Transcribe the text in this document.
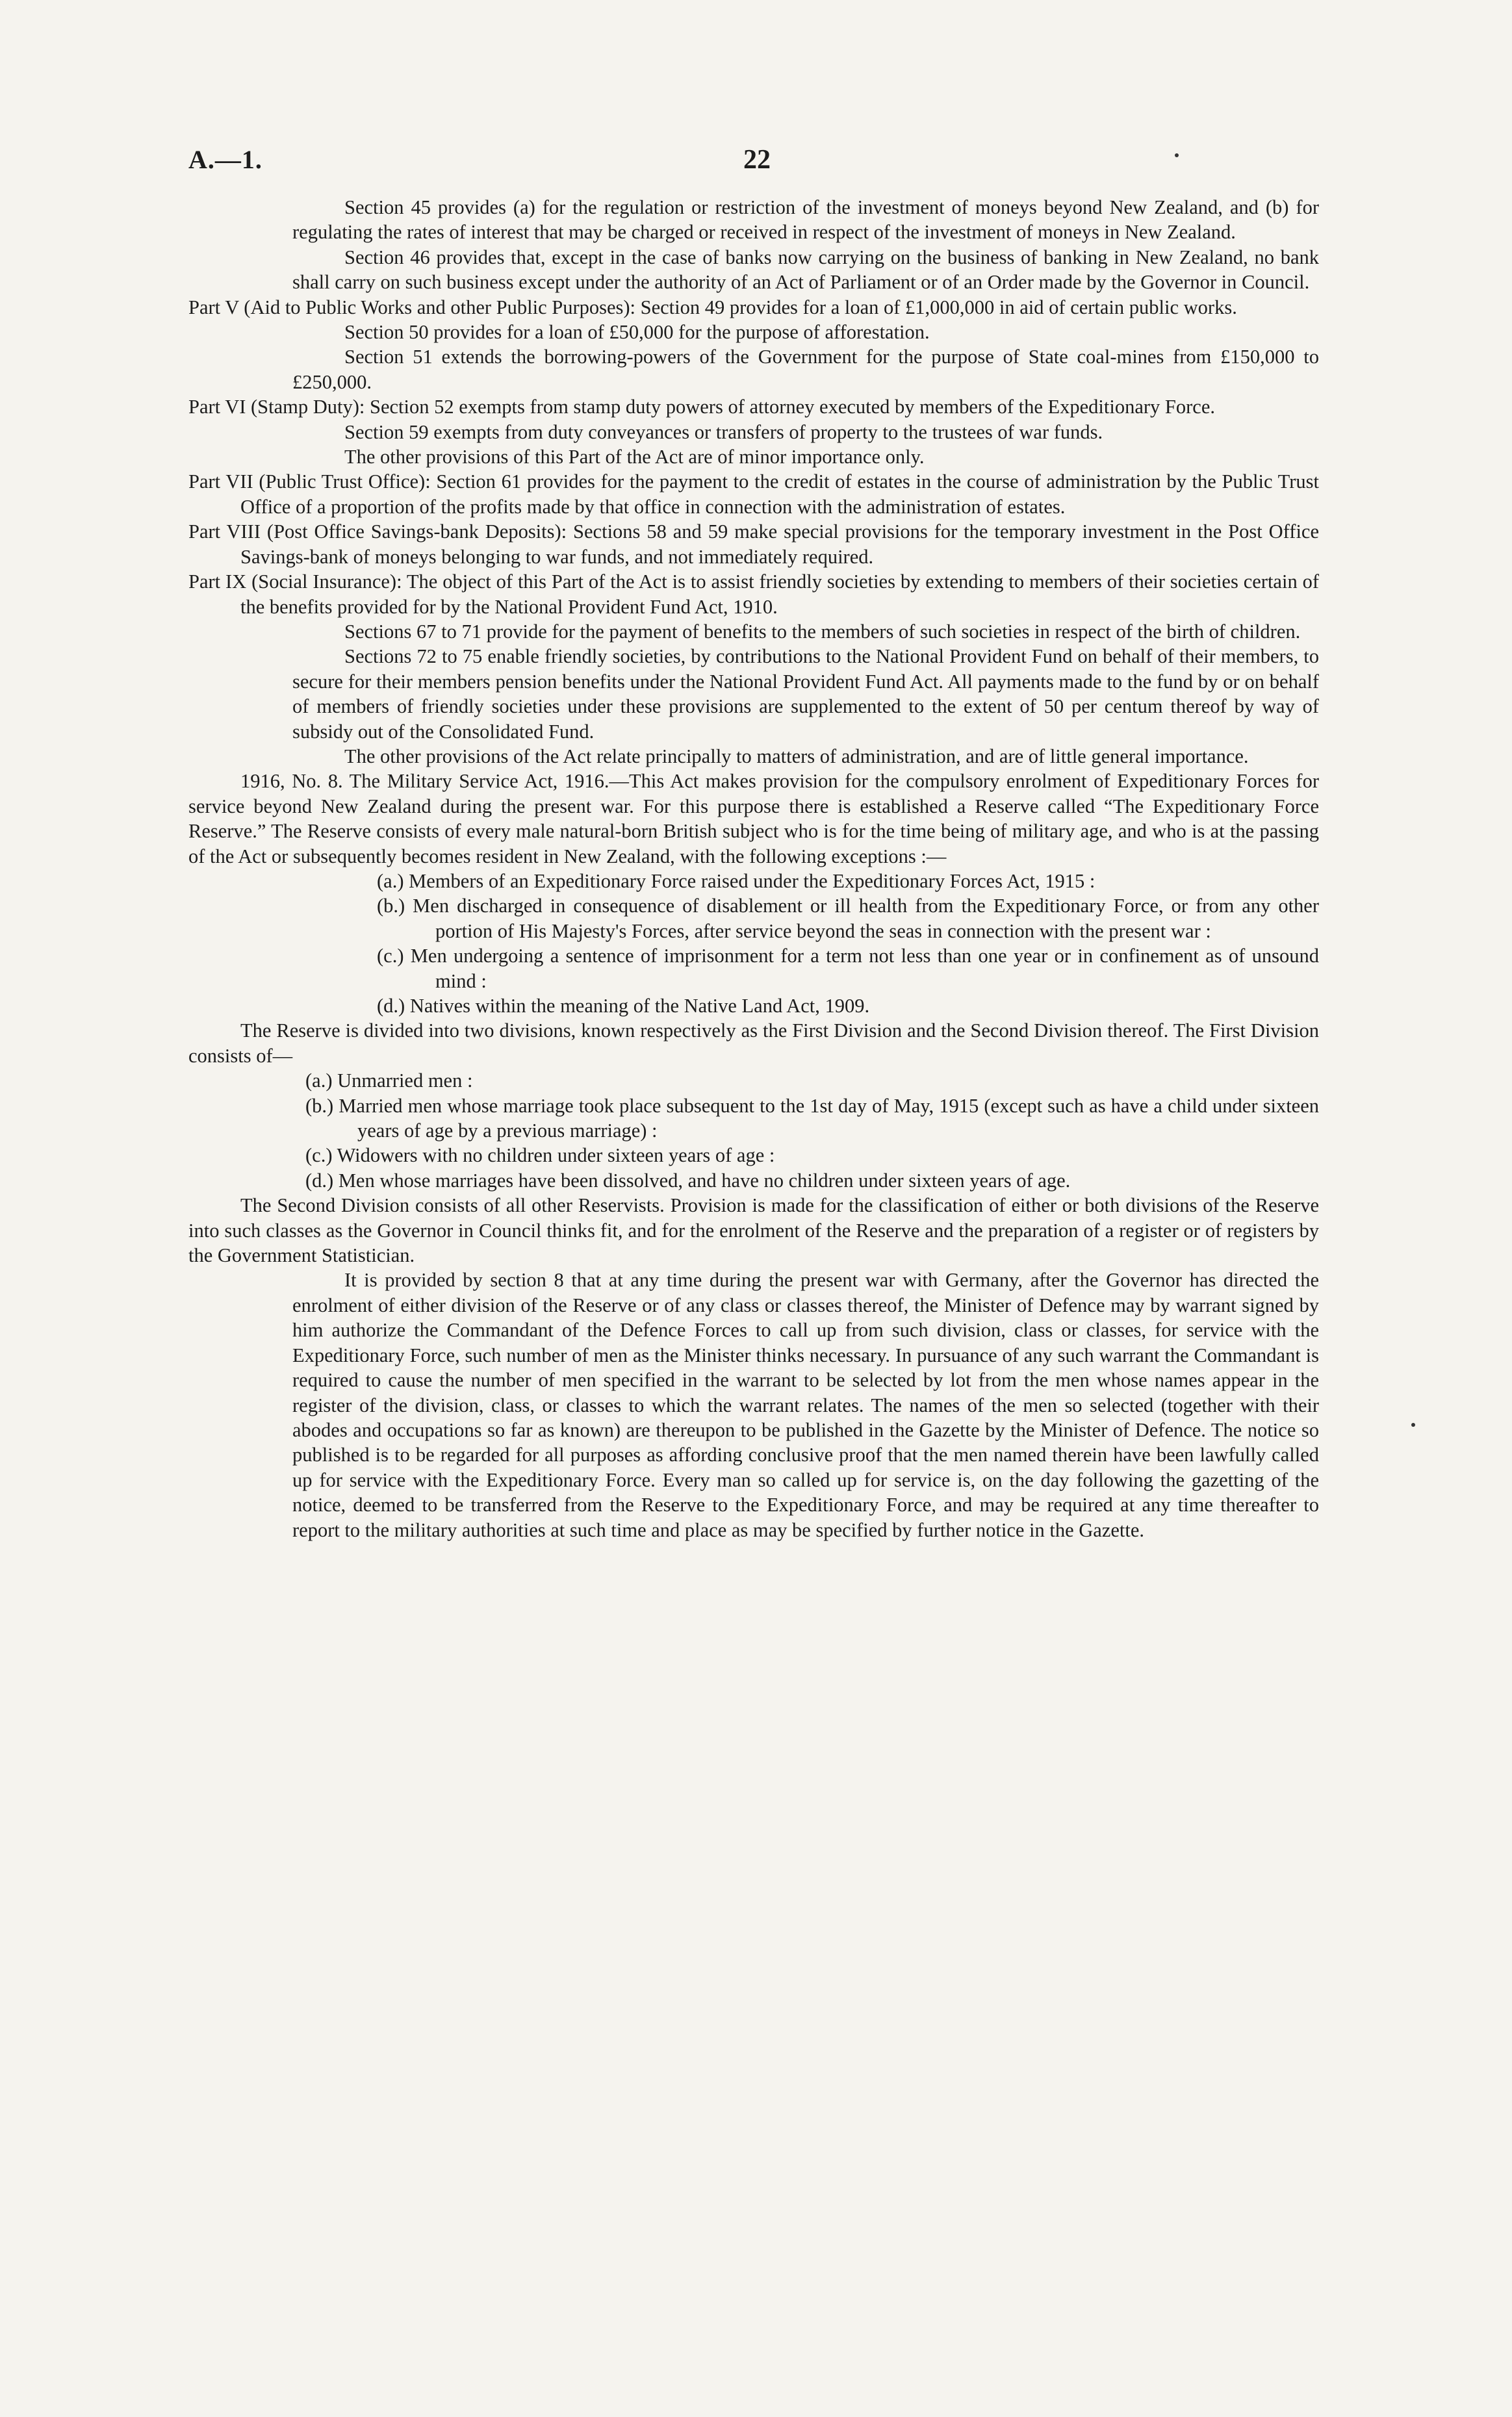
A.—1.	22

Section 45 provides (a) for the regulation or restriction of the investment of moneys beyond New Zealand, and (b) for regulating the rates of interest that may be charged or received in respect of the investment of moneys in New Zealand.

Section 46 provides that, except in the case of banks now carrying on the business of banking in New Zealand, no bank shall carry on such business except under the authority of an Act of Parliament or of an Order made by the Governor in Council.

Part V (Aid to Public Works and other Public Purposes): Section 49 provides for a loan of £1,000,000 in aid of certain public works.

Section 50 provides for a loan of £50,000 for the purpose of afforestation.

Section 51 extends the borrowing-powers of the Government for the purpose of State coal-mines from £150,000 to £250,000.

Part VI (Stamp Duty): Section 52 exempts from stamp duty powers of attorney executed by members of the Expeditionary Force.

Section 59 exempts from duty conveyances or transfers of property to the trustees of war funds.

The other provisions of this Part of the Act are of minor importance only.

Part VII (Public Trust Office): Section 61 provides for the payment to the credit of estates in the course of administration by the Public Trust Office of a proportion of the profits made by that office in connection with the administration of estates.

Part VIII (Post Office Savings-bank Deposits): Sections 58 and 59 make special provisions for the temporary investment in the Post Office Savings-bank of moneys belonging to war funds, and not immediately required.

Part IX (Social Insurance): The object of this Part of the Act is to assist friendly societies by extending to members of their societies certain of the benefits provided for by the National Provident Fund Act, 1910.

Sections 67 to 71 provide for the payment of benefits to the members of such societies in respect of the birth of children.

Sections 72 to 75 enable friendly societies, by contributions to the National Provident Fund on behalf of their members, to secure for their members pension benefits under the National Provident Fund Act. All payments made to the fund by or on behalf of members of friendly societies under these provisions are supplemented to the extent of 50 per centum thereof by way of subsidy out of the Consolidated Fund.

The other provisions of the Act relate principally to matters of administration, and are of little general importance.

1916, No. 8. The Military Service Act, 1916.—This Act makes provision for the compulsory enrolment of Expeditionary Forces for service beyond New Zealand during the present war. For this purpose there is established a Reserve called “The Expeditionary Force Reserve.” The Reserve consists of every male natural-born British subject who is for the time being of military age, and who is at the passing of the Act or subsequently becomes resident in New Zealand, with the following exceptions :—

(a.) Members of an Expeditionary Force raised under the Expeditionary Forces Act, 1915 :

(b.) Men discharged in consequence of disablement or ill health from the Expeditionary Force, or from any other portion of His Majesty's Forces, after service beyond the seas in connection with the present war :

(c.) Men undergoing a sentence of imprisonment for a term not less than one year or in confinement as of unsound mind :

(d.) Natives within the meaning of the Native Land Act, 1909.

The Reserve is divided into two divisions, known respectively as the First Division and the Second Division thereof. The First Division consists of—

(a.) Unmarried men :

(b.) Married men whose marriage took place subsequent to the 1st day of May, 1915 (except such as have a child under sixteen years of age by a previous marriage) :

(c.) Widowers with no children under sixteen years of age :

(d.) Men whose marriages have been dissolved, and have no children under sixteen years of age.

The Second Division consists of all other Reservists. Provision is made for the classification of either or both divisions of the Reserve into such classes as the Governor in Council thinks fit, and for the enrolment of the Reserve and the preparation of a register or of registers by the Government Statistician.

It is provided by section 8 that at any time during the present war with Germany, after the Governor has directed the enrolment of either division of the Reserve or of any class or classes thereof, the Minister of Defence may by warrant signed by him authorize the Commandant of the Defence Forces to call up from such division, class or classes, for service with the Expeditionary Force, such number of men as the Minister thinks necessary. In pursuance of any such warrant the Commandant is required to cause the number of men specified in the warrant to be selected by lot from the men whose names appear in the register of the division, class, or classes to which the warrant relates. The names of the men so selected (together with their abodes and occupations so far as known) are thereupon to be published in the Gazette by the Minister of Defence. The notice so published is to be regarded for all purposes as affording conclusive proof that the men named therein have been lawfully called up for service with the Expeditionary Force. Every man so called up for service is, on the day following the gazetting of the notice, deemed to be transferred from the Reserve to the Expeditionary Force, and may be required at any time thereafter to report to the military authorities at such time and place as may be specified by further notice in the Gazette.
